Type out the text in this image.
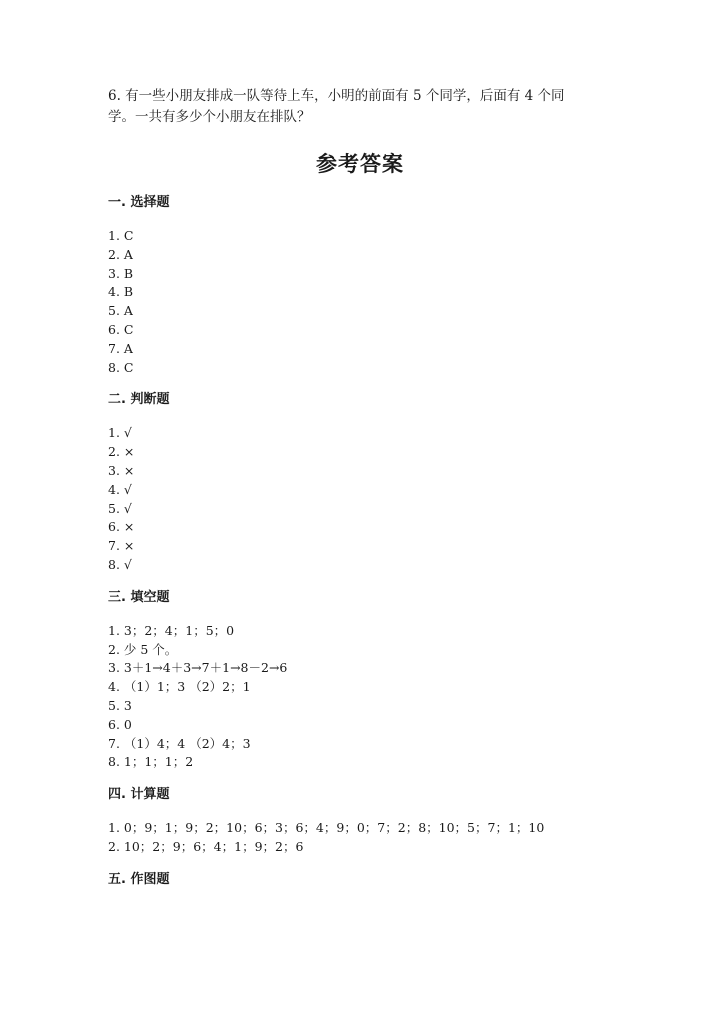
6. 有一些小朋友排成一队等待上车，小明的前面有 5 个同学，后面有 4 个同

学。一共有多少个小朋友在排队？

参考答案
一. 选择题
1. C
2. A
3. B
4. B
5. A
6. C
7. A
8. C
二. 判断题
1. √
2. ×
3. ×
4. √
5. √
6. ×
7. ×
8. √
三. 填空题
1. 3；2；4；1；5；0
2. 少 5 个。
3. 3＋1→4＋3→7＋1→8－2→6
4. （1）1；3 （2）2；1
5. 3
6. 0
7. （1）4；4 （2）4；3
8. 1；1；1；2
四. 计算题
1. 0；9；1；9；2；10；6；3；6；4；9；0；7；2；8；10；5；7；1；10
2. 10；2；9；6；4；1；9；2；6
五. 作图题
